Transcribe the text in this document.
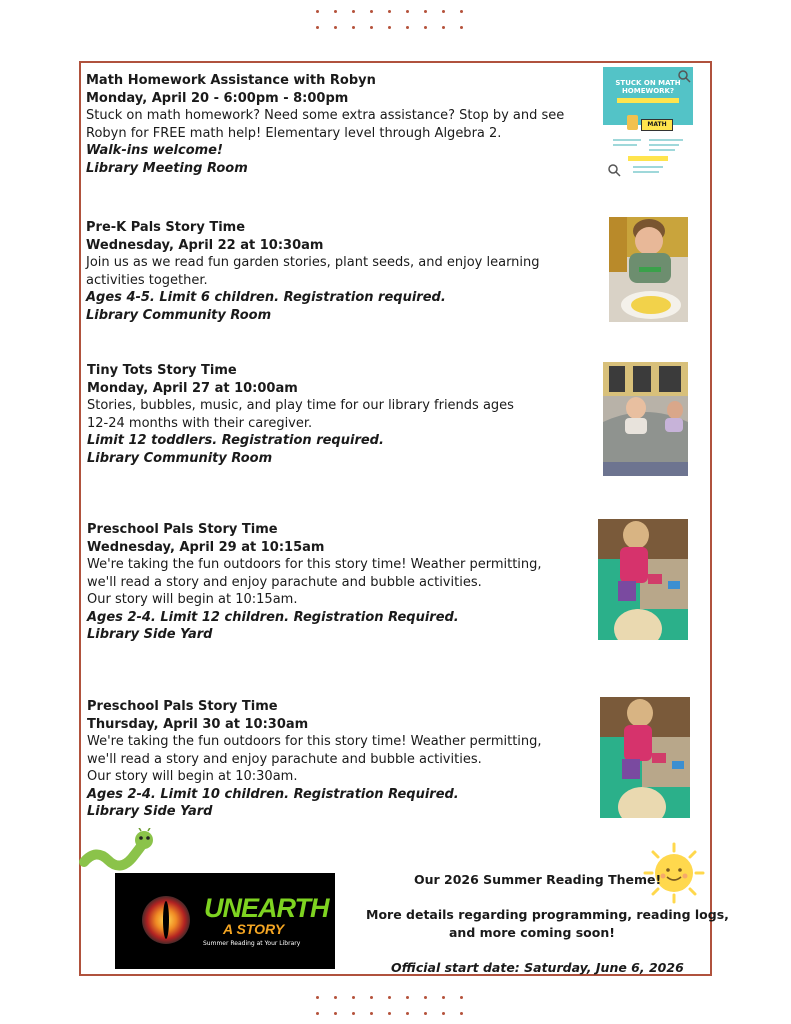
Math Homework Assistance with Robyn

Monday, April 20 - 6:00pm - 8:00pm

Stuck on math homework? Need some extra assistance? Stop by and see
Robyn for FREE math help! Elementary level through Algebra 2.

Walk-ins welcome!

Library Meeting Room

STUCK ON MATH
HOMEWORK?
MATH

Pre-K Pals Story Time

Wednesday, April 22 at 10:30am

Join us as we read fun garden stories, plant seeds, and enjoy learning
activities together.

Ages 4-5. Limit 6 children. Registration required.

Library Community Room

Tiny Tots Story Time

Monday, April 27 at 10:00am

Stories, bubbles, music, and play time for our library friends ages
12-24 months with their caregiver.

Limit 12 toddlers. Registration required.

Library Community Room

Preschool Pals Story Time

Wednesday, April 29 at 10:15am

We're taking the fun outdoors for this story time! Weather permitting,
we'll read a story and enjoy parachute and bubble activities.
Our story will begin at 10:15am.

Ages 2-4. Limit 12 children. Registration Required.

Library Side Yard

Preschool Pals Story Time

Thursday, April 30 at 10:30am

We're taking the fun outdoors for this story time! Weather permitting,
we'll read a story and enjoy parachute and bubble activities.
Our story will begin at 10:30am.

Ages 2-4. Limit 10 children. Registration Required.

Library Side Yard

UNEARTH
A STORY
Summer Reading at Your Library
Our 2026 Summer Reading Theme!
More details regarding programming, reading logs,
and more coming soon!
Official start date: Saturday, June 6, 2026
